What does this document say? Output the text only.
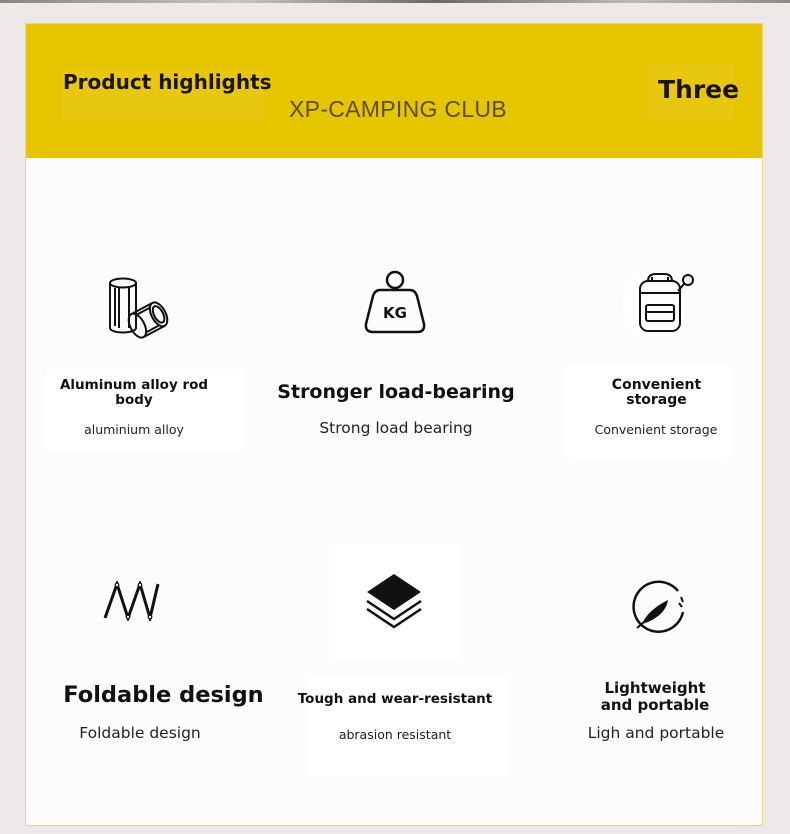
Product highlights
XP-CAMPING CLUB
Three
Aluminum alloy rod body
aluminium alloy
KG
Stronger load-bearing
Strong load bearing
Convenient storage
Convenient storage
Foldable design
Foldable design
Tough and wear-resistant
abrasion resistant
Lightweight and portable
Ligh and portable
